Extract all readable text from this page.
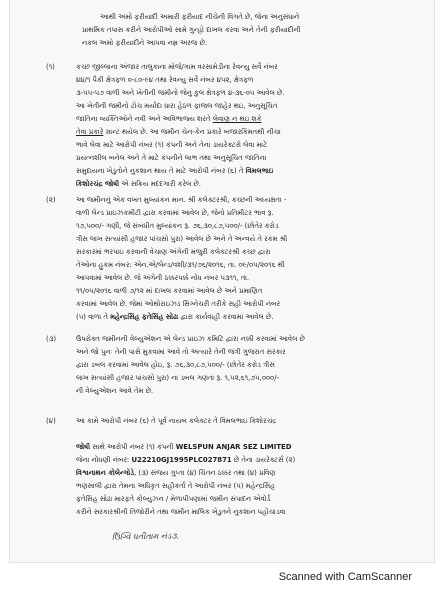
આથી અમો ફરીયાદી અમારી ફરીયાદ નીચેની વિગતે છે, જેના અનુસંધાને

પ્રાથમિક તપાસ કરીને આરોપીઓ સામે ગુન્હો દાખલ કરવા અને તેની ફરીયાદીની

નકલ અમો ફરીયાદીને આપવા નમ્ર અરજ છે.

(૧)	કચ્છ જીલ્લાના અંજાર તાલુકાના મોજે/ગામ વરસામેડીના રેવન્યુ સર્વે નંબર
૪૪/૧ પૈકી ક્ષેત્રફળ ૦-૮૦-૯૪ તથા રેવન્યુ સર્વે નંબર ૪૫૨, ક્ષેત્રફળ
૩-૫૫-૫૭ વાળી અને ખેતીની જમીનો જેનુ કુલ ક્ષેત્રફળ ૪-૩૬-૦૫ આવેલ છે.
આ ખેતીની જમીનો ટોચ મર્યાદા ધારા હેઠળ ફાજલ જાહેર થઇ, અનુસૂચિત
જાતિના વ્યક્તિઓને નવી અને અવિભાજ્ય શરતે લેવાણ ન થઇ શકે
તેવા પ્રકારે ગ્રાન્ટ થયેલ છે. આ જમીન ચેન-કેન પ્રકારે બજારકિંમતથી નીચા
ભાવે લેવા માટે આરોપી નંબર (૧) કંપની અને તેના ડાયરેક્ટરો લેવા માટે
પ્રયત્નશીલ બનેલ અને તે માટે કંપનીને લાભ તથા અનુસૂચિત જાતિના
સમુદાયના ખેડુતોને નુકશાન થાય તે માટે આરોપી નંબર (૬) તે વિમલભાઇ
કિશોરચંદ્ર જોષી એ સક્રિય મદદગારી કરેલ છે.
(૨)	આ જમીનનું એક વખત મુલ્યાંકન માન. શ્રી કલેક્ટરશ્રી, કચ્છની અધ્યક્ષતા -
વાળી લેન્ડ પ્રાઇઝકમીટી દ્વારા કરવામાં આવેલ છે, જેનો પ્રતિમીટર ભાવ રૂ.
૧૭,૫૦૦/- ગણી, જે સંબંધીત મુલ્યાંકન રૂ. ૭૬,૩૦,૮૭,૫૦૦/- (છોતેર કરોડ
ત્રીસ લાખ સત્યાંસી હજાર પાંચસો પુરા) આવેલ છે અને તે અન્વયે તે રકમ શ્રી
સરકારમાં ભરપાઇ કરવાની વેચાણ અંગેની મંજુરી કલેક્ટરશ્રી કચ્છ દ્વારા
તેઓના હુકમ નંબર: એન.એ/લેન્ડ/વશી/૩૧/૭૬/૨૦૧૬, તા. ૦૯/૦૫/૨૦૧૬ થી
આપવામાં આવેલ છે. જે અંગેની ઠક્કરપક્કે નોંધ નંબર ૫૩૧૧, તા.
૧૧/૦૫/૨૦૧૬ વાળી ૭/૧૨ માં દાખલ કરવામાં આવેલ છે અને પ્રમાણિત
કરવામાં આવેલ છે. જેમાં ઓથોરાઇઝડ સિગ્નેચરી તરીકે સહી આરોપી નંબર
(૫) વાળા તે મહેન્દ્રસિંહ ફતેસિંહ સોઢા દ્વારા કાર્યવાહી કરવામાં આવેલ છે.
(૩)	ઉપરોક્ત જમીનની વેલ્યુએશન એ લેન્ડ પ્રાઇઝ કમિટિ દ્વારા નક્કી કરવામાં આવેલ છે
અને જો પુનઃ તેની પાસે મુકવામાં આવે તો અત્યારે તેની જંત્રી ગુજરાત સરકાર
દ્વારા ડબલ કરવામાં આવેલ હોઇ, રૂ. ૭૬,૩૦,૮૭,૫૦૦/- (છોતેર કરોડ ત્રીસ
લાખ સત્યાંસી હજાર પાંચસો પુરા) ના ડબલ ગણતાં રૂ. ૧,૫૨,૬૧,૭૫,૦૦૦/-
ની વેલ્યુએશન આવે તેમ છે.
(૪)	આ કામે આરોપી નંબર (૬) તે પૂર્વ નાયબ કલેક્ટર તે વિમલભાઇ કિશોરચંદ્ર

જોષી સાથે આરોપી નંબર (૧) કંપની WELSPUN ANJAR SEZ LIMITED
જેના નોંધણી નંબર: U22210GJ1995PLC027871 છે તેના ડાયરેક્ટર્સ (૨)
વિશ્વનાથન કોલેન્ગોડે, (૩) સંજય ગુપ્તા (૪) ચિંતન ઠક્કર તથા (૪) પ્રવિણ
ભણસાલી દ્વારા તેમના અધિકૃત સહીકર્તા તે આરોપી નંબર (૫) મહેન્દ્રસિંહ
ફતેસિંહ સોઢા મારફતે કોલ્યુઝન / મેળાપીપણામાં જમીન સંપાદન એવોર્ડ
કરીને સરકારશ્રીની તિજોરીને તથા જમીન માલિક ખેડુતને નુકશાન પહોંચાડવા
ઉિગ્વિ ધતીતામ નંડ૩.
Scanned with CamScanner
